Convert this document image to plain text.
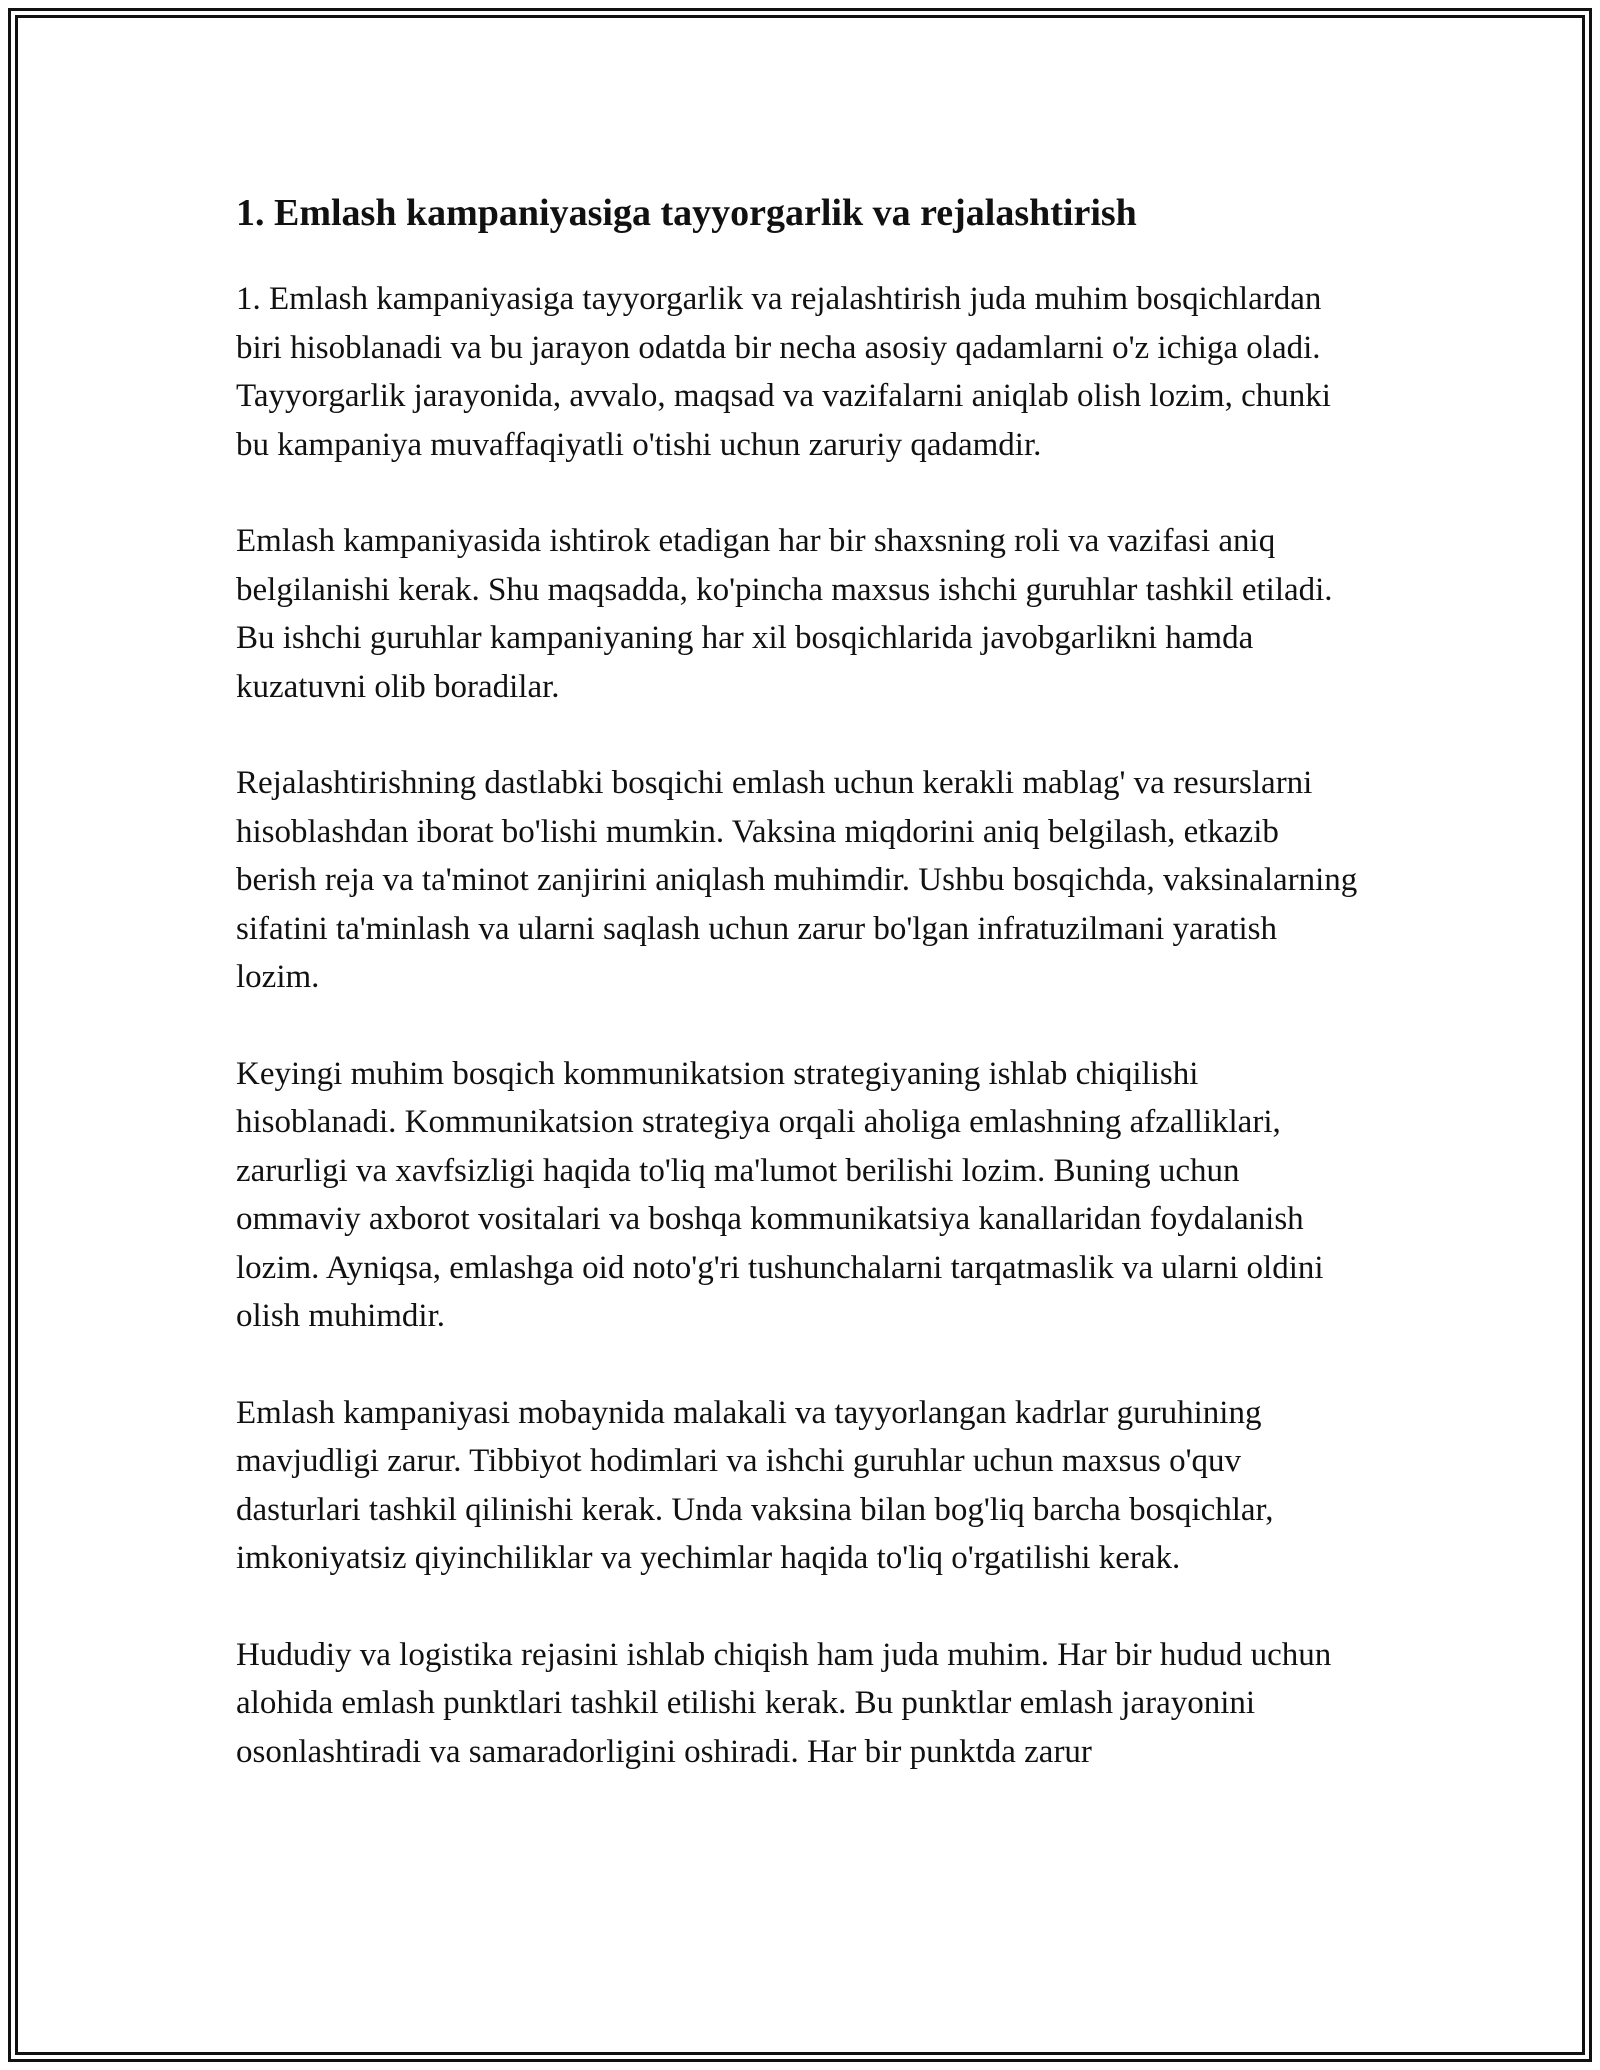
1. Emlash kampaniyasiga tayyorgarlik va rejalashtirish

1. Emlash kampaniyasiga tayyorgarlik va rejalashtirish juda muhim bosqichlardan biri hisoblanadi va bu jarayon odatda bir necha asosiy qadamlarni o'z ichiga oladi. Tayyorgarlik jarayonida, avvalo, maqsad va vazifalarni aniqlab olish lozim, chunki bu kampaniya muvaffaqiyatli o'tishi uchun zaruriy qadamdir.

Emlash kampaniyasida ishtirok etadigan har bir shaxsning roli va vazifasi aniq belgilanishi kerak. Shu maqsadda, ko'pincha maxsus ishchi guruhlar tashkil etiladi. Bu ishchi guruhlar kampaniyaning har xil bosqichlarida javobgarlikni hamda kuzatuvni olib boradilar.

Rejalashtirishning dastlabki bosqichi emlash uchun kerakli mablag' va resurslarni hisoblashdan iborat bo'lishi mumkin. Vaksina miqdorini aniq belgilash, etkazib berish reja va ta'minot zanjirini aniqlash muhimdir. Ushbu bosqichda, vaksinalarning sifatini ta'minlash va ularni saqlash uchun zarur bo'lgan infratuzilmani yaratish lozim.

Keyingi muhim bosqich kommunikatsion strategiyaning ishlab chiqilishi hisoblanadi. Kommunikatsion strategiya orqali aholiga emlashning afzalliklari, zarurligi va xavfsizligi haqida to'liq ma'lumot berilishi lozim. Buning uchun ommaviy axborot vositalari va boshqa kommunikatsiya kanallaridan foydalanish lozim. Ayniqsa, emlashga oid noto'g'ri tushunchalarni tarqatmaslik va ularni oldini olish muhimdir.

Emlash kampaniyasi mobaynida malakali va tayyorlangan kadrlar guruhining mavjudligi zarur. Tibbiyot hodimlari va ishchi guruhlar uchun maxsus o'quv dasturlari tashkil qilinishi kerak. Unda vaksina bilan bog'liq barcha bosqichlar, imkoniyatsiz qiyinchiliklar va yechimlar haqida to'liq o'rgatilishi kerak.

Hududiy va logistika rejasini ishlab chiqish ham juda muhim. Har bir hudud uchun alohida emlash punktlari tashkil etilishi kerak. Bu punktlar emlash jarayonini osonlashtiradi va samaradorligini oshiradi. Har bir punktda zarur
